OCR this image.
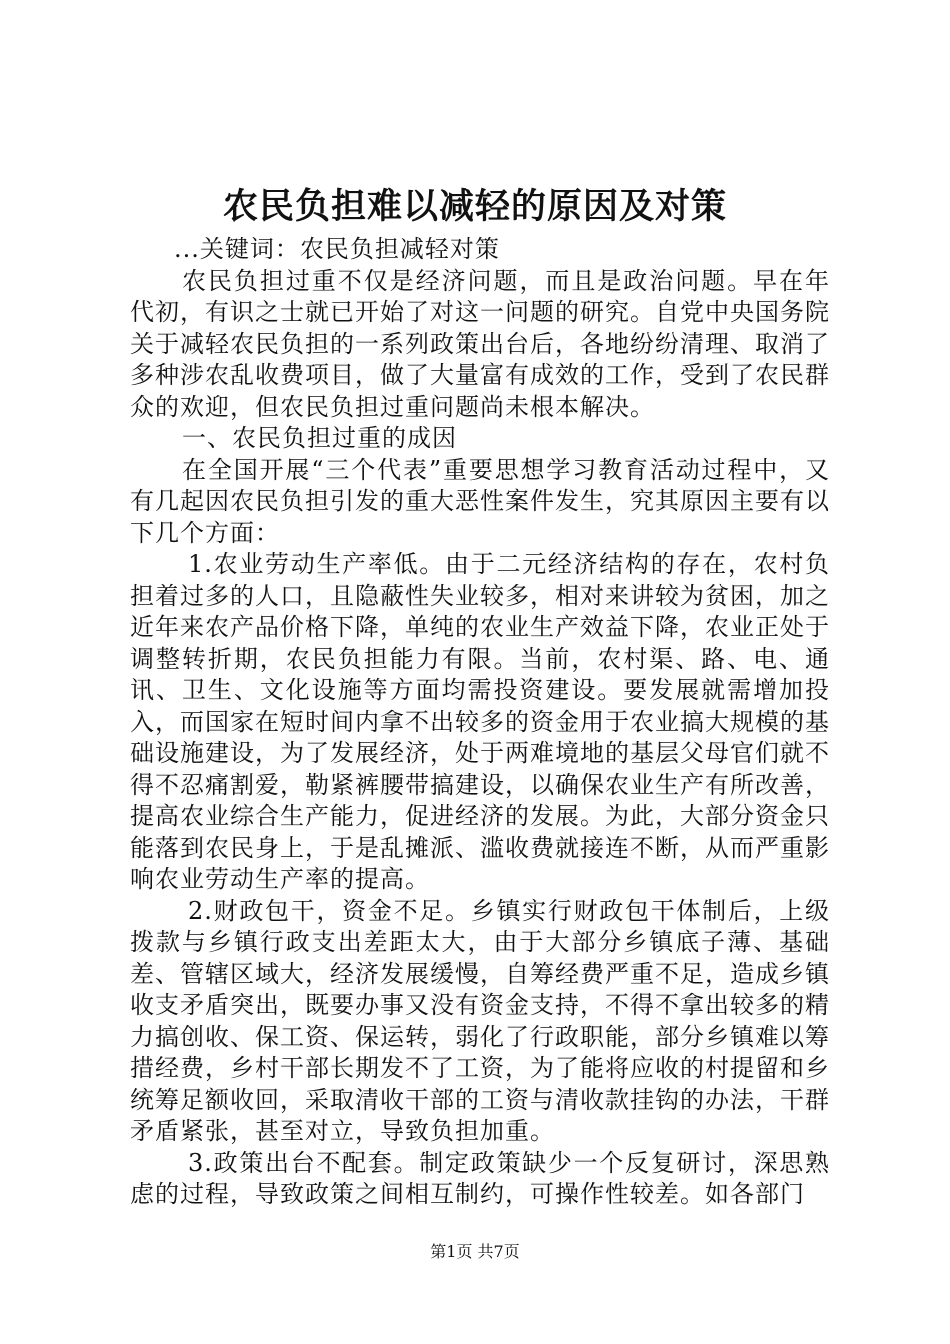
农民负担难以减轻的原因及对策

...关键词：农民负担减轻对策

农民负担过重不仅是经济问题，而且是政治问题。早在年代初，有识之士就已开始了对这一问题的研究。自党中央国务院关于减轻农民负担的一系列政策出台后，各地纷纷清理、取消了多种涉农乱收费项目，做了大量富有成效的工作，受到了农民群众的欢迎，但农民负担过重问题尚未根本解决。

一、农民负担过重的成因

在全国开展“三个代表”重要思想学习教育活动过程中，又有几起因农民负担引发的重大恶性案件发生，究其原因主要有以下几个方面：

1.农业劳动生产率低。由于二元经济结构的存在，农村负担着过多的人口，且隐蔽性失业较多，相对来讲较为贫困，加之近年来农产品价格下降，单纯的农业生产效益下降，农业正处于调整转折期，农民负担能力有限。当前，农村渠、路、电、通讯、卫生、文化设施等方面均需投资建设。要发展就需增加投入，而国家在短时间内拿不出较多的资金用于农业搞大规模的基础设施建设，为了发展经济，处于两难境地的基层父母官们就不得不忍痛割爱，勒紧裤腰带搞建设，以确保农业生产有所改善，提高农业综合生产能力，促进经济的发展。为此，大部分资金只能落到农民身上，于是乱摊派、滥收费就接连不断，从而严重影响农业劳动生产率的提高。

2.财政包干，资金不足。乡镇实行财政包干体制后，上级拨款与乡镇行政支出差距太大，由于大部分乡镇底子薄、基础差、管辖区域大，经济发展缓慢，自筹经费严重不足，造成乡镇收支矛盾突出，既要办事又没有资金支持，不得不拿出较多的精力搞创收、保工资、保运转，弱化了行政职能，部分乡镇难以筹措经费，乡村干部长期发不了工资，为了能将应收的村提留和乡统筹足额收回，采取清收干部的工资与清收款挂钩的办法，干群矛盾紧张，甚至对立，导致负担加重。

3.政策出台不配套。制定政策缺少一个反复研讨，深思熟虑的过程，导致政策之间相互制约，可操作性较差。如各部门

第1页 共7页
